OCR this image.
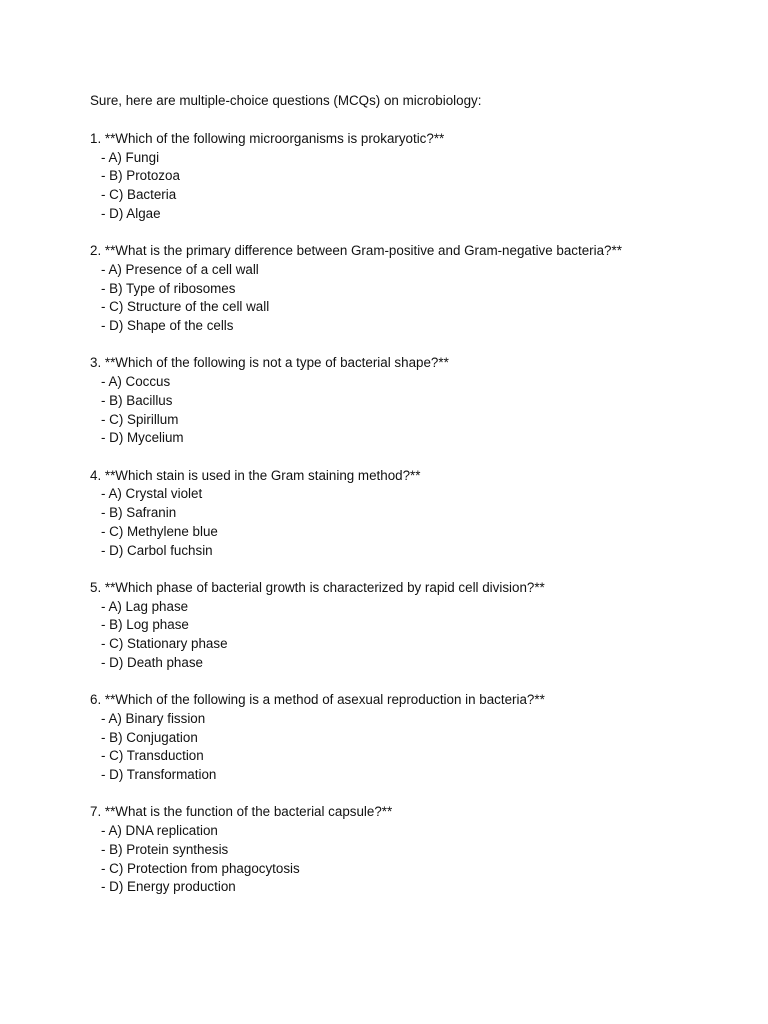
Sure, here are multiple-choice questions (MCQs) on microbiology:

1. **Which of the following microorganisms is prokaryotic?**
- A) Fungi
- B) Protozoa
- C) Bacteria
- D) Algae
2. **What is the primary difference between Gram-positive and Gram-negative bacteria?**
- A) Presence of a cell wall
- B) Type of ribosomes
- C) Structure of the cell wall
- D) Shape of the cells
3. **Which of the following is not a type of bacterial shape?**
- A) Coccus
- B) Bacillus
- C) Spirillum
- D) Mycelium
4. **Which stain is used in the Gram staining method?**
- A) Crystal violet
- B) Safranin
- C) Methylene blue
- D) Carbol fuchsin
5. **Which phase of bacterial growth is characterized by rapid cell division?**
- A) Lag phase
- B) Log phase
- C) Stationary phase
- D) Death phase
6. **Which of the following is a method of asexual reproduction in bacteria?**
- A) Binary fission
- B) Conjugation
- C) Transduction
- D) Transformation
7. **What is the function of the bacterial capsule?**
- A) DNA replication
- B) Protein synthesis
- C) Protection from phagocytosis
- D) Energy production
